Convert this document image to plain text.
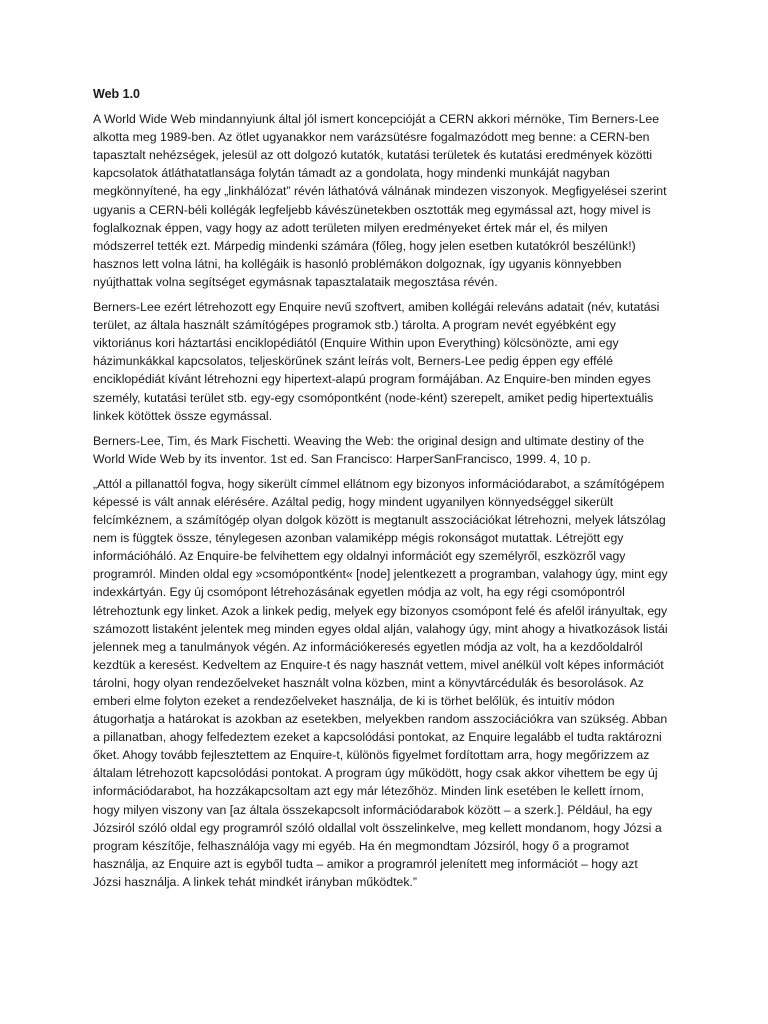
Web 1.0

A World Wide Web mindannyiunk által jól ismert koncepcióját a CERN akkori mérnöke, Tim Berners-Lee alkotta meg 1989-ben. Az ötlet ugyanakkor nem varázsütésre fogalmazódott meg benne: a CERN-ben tapasztalt nehézségek, jelesül az ott dolgozó kutatók, kutatási területek és kutatási eredmények közötti kapcsolatok átláthatatlansága folytán támadt az a gondolata, hogy mindenki munkáját nagyban megkönnyítené, ha egy „linkhálózat” révén láthatóvá válnának mindezen viszonyok. Megfigyelései szerint ugyanis a CERN-béli kollégák legfeljebb kávészünetekben osztották meg egymással azt, hogy mivel is foglalkoznak éppen, vagy hogy az adott területen milyen eredményeket értek már el, és milyen módszerrel tették ezt. Márpedig mindenki számára (főleg, hogy jelen esetben kutatókról beszélünk!) hasznos lett volna látni, ha kollégáik is hasonló problémákon dolgoznak, így ugyanis könnyebben nyújthattak volna segítséget egymásnak tapasztalataik megosztása révén.

Berners-Lee ezért létrehozott egy Enquire nevű szoftvert, amiben kollégái releváns adatait (név, kutatási terület, az általa használt számítógépes programok stb.) tárolta. A program nevét egyébként egy viktoriánus kori háztartási enciklopédiától (Enquire Within upon Everything) kölcsönözte, ami egy házimunkákkal kapcsolatos, teljeskörűnek szánt leírás volt, Berners-Lee pedig éppen egy effélé enciklopédiát kívánt létrehozni egy hipertext-alapú program formájában. Az Enquire-ben minden egyes személy, kutatási terület stb. egy-egy csomópontként (node-ként) szerepelt, amiket pedig hipertextuális linkek kötöttek össze egymással.

Berners-Lee, Tim, és Mark Fischetti. Weaving the Web: the original design and ultimate destiny of the World Wide Web by its inventor. 1st ed. San Francisco: HarperSanFrancisco, 1999. 4, 10 p.

„Attól a pillanattól fogva, hogy sikerült címmel ellátnom egy bizonyos információdarabot, a számítógépem képessé is vált annak elérésére. Azáltal pedig, hogy mindent ugyanilyen könnyedséggel sikerült felcímkéznem, a számítógép olyan dolgok között is megtanult asszociációkat létrehozni, melyek látszólag nem is függtek össze, ténylegesen azonban valamiképp mégis rokonságot mutattak. Létrejött egy információháló. Az Enquire-be felvihettem egy oldalnyi információt egy személyről, eszközről vagy programról. Minden oldal egy »csomópontként« [node] jelentkezett a programban, valahogy úgy, mint egy indexkártyán. Egy új csomópont létrehozásának egyetlen módja az volt, ha egy régi csomópontról létrehoztunk egy linket. Azok a linkek pedig, melyek egy bizonyos csomópont felé és afelől irányultak, egy számozott listaként jelentek meg minden egyes oldal alján, valahogy úgy, mint ahogy a hivatkozások listái jelennek meg a tanulmányok végén. Az információkeresés egyetlen módja az volt, ha a kezdőoldalról kezdtük a keresést. Kedveltem az Enquire-t és nagy hasznát vettem, mivel anélkül volt képes információt tárolni, hogy olyan rendezőelveket használt volna közben, mint a könyvtárcédulák és besorolások. Az emberi elme folyton ezeket a rendezőelveket használja, de ki is törhet belőlük, és intuitív módon átugorhatja a határokat is azokban az esetekben, melyekben random asszociációkra van szükség. Abban a pillanatban, ahogy felfedeztem ezeket a kapcsolódási pontokat, az Enquire legalább el tudta raktározni őket. Ahogy tovább fejlesztettem az Enquire-t, különös figyelmet fordítottam arra, hogy megőrizzem az általam létrehozott kapcsolódási pontokat. A program úgy működött, hogy csak akkor vihettem be egy új információdarabot, ha hozzákapcsoltam azt egy már létezőhöz. Minden link esetében le kellett írnom, hogy milyen viszony van [az általa összekapcsolt információdarabok között – a szerk.]. Például, ha egy Józsiról szóló oldal egy programról szóló oldallal volt összelinkelve, meg kellett mondanom, hogy Józsi a program készítője, felhasználója vagy mi egyéb. Ha én megmondtam Józsiról, hogy ő a programot használja, az Enquire azt is egyből tudta – amikor a programról jelenített meg információt – hogy azt Józsi használja. A linkek tehát mindkét irányban működtek.”
